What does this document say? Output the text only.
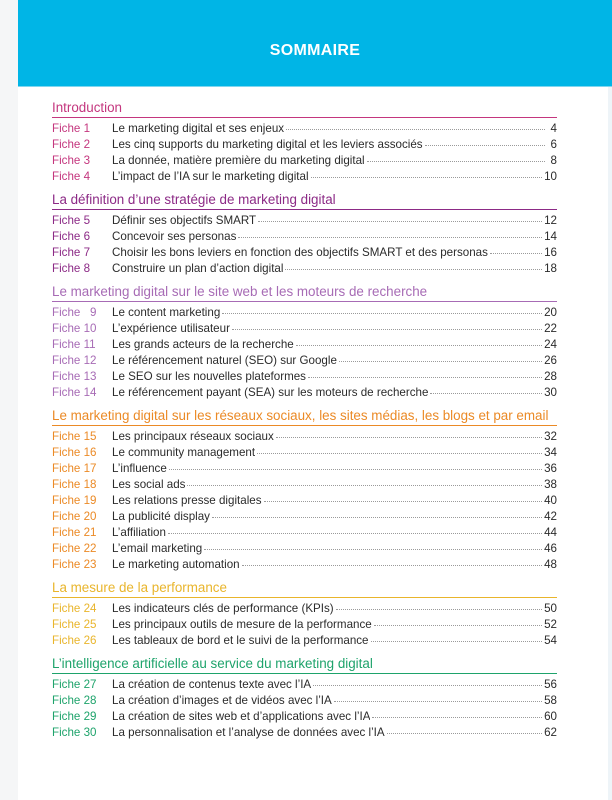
SOMMAIRE
Introduction
Fiche 1	Le marketing digital et ses enjeux	4
Fiche 2	Les cinq supports du marketing digital et les leviers associés	6
Fiche 3	La donnée, matière première du marketing digital	8
Fiche 4	L’impact de l’IA sur le marketing digital	10
La définition d’une stratégie de marketing digital
Fiche 5	Définir ses objectifs SMART	12
Fiche 6	Concevoir ses personas	14
Fiche 7	Choisir les bons leviers en fonction des objectifs SMART et des personas	16
Fiche 8	Construire un plan d’action digital	18
Le marketing digital sur le site web et les moteurs de recherche
Fiche   9	Le content marketing	20
Fiche 10	L’expérience utilisateur	22
Fiche 11	Les grands acteurs de la recherche	24
Fiche 12	Le référencement naturel (SEO) sur Google	26
Fiche 13	Le SEO sur les nouvelles plateformes	28
Fiche 14	Le référencement payant (SEA) sur les moteurs de recherche	30
Le marketing digital sur les réseaux sociaux, les sites médias, les blogs et par email
Fiche 15	Les principaux réseaux sociaux	32
Fiche 16	Le community management	34
Fiche 17	L’influence	36
Fiche 18	Les social ads	38
Fiche 19	Les relations presse digitales	40
Fiche 20	La publicité display	42
Fiche 21	L’affiliation	44
Fiche 22	L’email marketing	46
Fiche 23	Le marketing automation	48
La mesure de la performance
Fiche 24	Les indicateurs clés de performance (KPIs)	50
Fiche 25	Les principaux outils de mesure de la performance	52
Fiche 26	Les tableaux de bord et le suivi de la performance	54
L’intelligence artificielle au service du marketing digital
Fiche 27	La création de contenus texte avec l’IA	56
Fiche 28	La création d’images et de vidéos avec l’IA	58
Fiche 29	La création de sites web et d’applications avec l’IA	60
Fiche 30	La personnalisation et l’analyse de données avec l’IA	62
